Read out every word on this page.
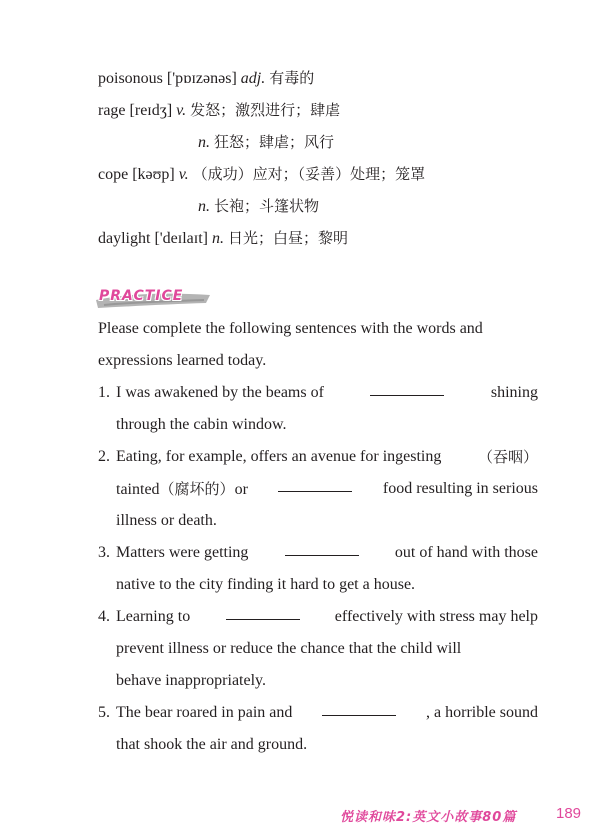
poisonous ['pɒɪzənəs] adj. 有毒的
rage [reɪdʒ] v. 发怒；激烈进行；肆虐
n. 狂怒；肆虐；风行
cope [kəʊp] v. （成功）应对；（妥善）处理；笼罩
n. 长袍；斗篷状物
daylight ['deɪlaɪt] n. 日光；白昼；黎明
PRACTICE
Please complete the following sentences with the words and
expressions learned today.
1. I was awakened by the beams of	shining
through the cabin window.
2. Eating, for example, offers an avenue for ingesting （吞咽）
tainted（腐坏的）or	food resulting in serious
illness or death.
3. Matters were getting	out of hand with those
native to the city finding it hard to get a house.
4. Learning to	effectively with stress may help
prevent illness or reduce the chance that the child will
behave inappropriately.
5. The bear roared in pain and	, a horrible sound
that shook the air and ground.
悦读和味2:英文小故事80篇	189
